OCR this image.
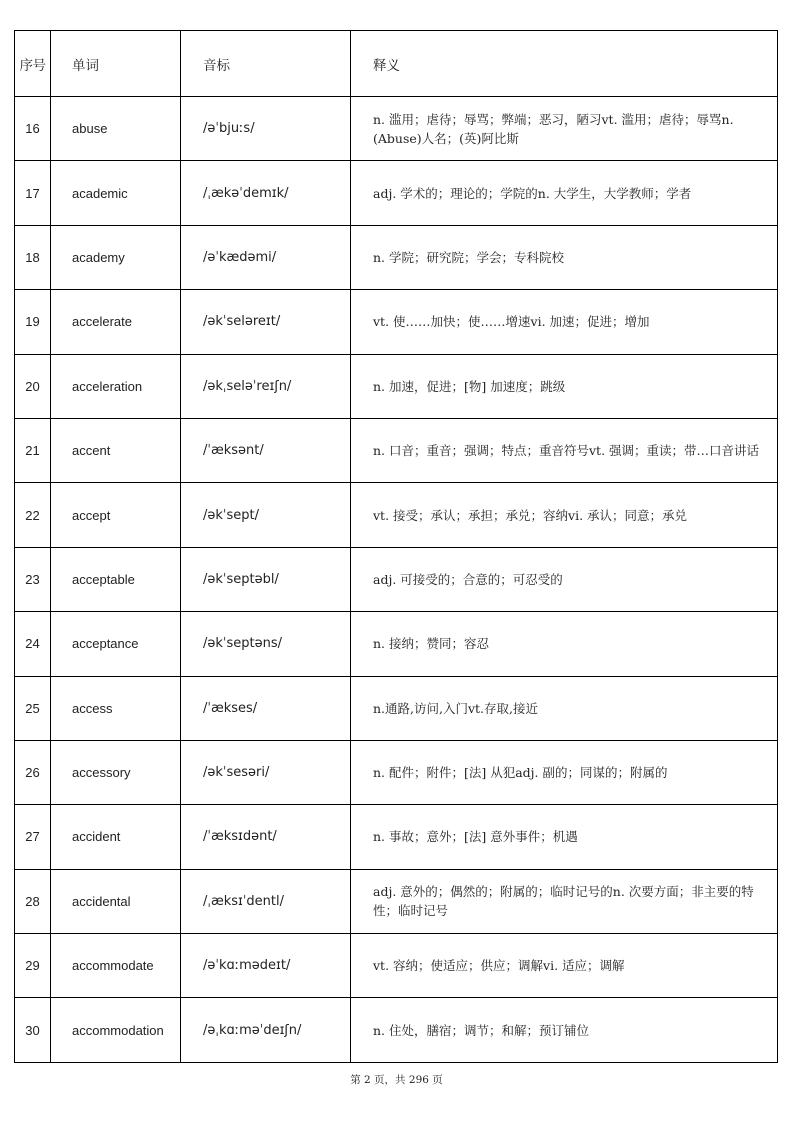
序号	单词	音标	释义
16	abuse	/əˈbjuːs/	n. 滥用；虐待；辱骂；弊端；恶习，陋习vt. 滥用；虐待；辱骂n. (Abuse)人名；(英)阿比斯
17	academic	/ˌækəˈdemɪk/	adj. 学术的；理论的；学院的n. 大学生，大学教师；学者
18	academy	/əˈkædəmi/	n. 学院；研究院；学会；专科院校
19	accelerate	/əkˈseləreɪt/	vt. 使……加快；使……增速vi. 加速；促进；增加
20	acceleration	/əkˌseləˈreɪʃn/	n. 加速，促进；[物] 加速度；跳级
21	accent	/ˈæksənt/	n. 口音；重音；强调；特点；重音符号vt. 强调；重读；带…口音讲话
22	accept	/əkˈsept/	vt. 接受；承认；承担；承兑；容纳vi. 承认；同意；承兑
23	acceptable	/əkˈseptəbl/	adj. 可接受的；合意的；可忍受的
24	acceptance	/əkˈseptəns/	n. 接纳；赞同；容忍
25	access	/ˈækses/	n.通路,访问,入门vt.存取,接近
26	accessory	/əkˈsesəri/	n. 配件；附件；[法] 从犯adj. 副的；同谋的；附属的
27	accident	/ˈæksɪdənt/	n. 事故；意外；[法] 意外事件；机遇
28	accidental	/ˌæksɪˈdentl/	adj. 意外的；偶然的；附属的；临时记号的n. 次要方面；非主要的特性；临时记号
29	accommodate	/əˈkɑːmədeɪt/	vt. 容纳；使适应；供应；调解vi. 适应；调解
30	accommodation	/əˌkɑːməˈdeɪʃn/	n. 住处，膳宿；调节；和解；预订铺位
第 2 页，共 296 页
